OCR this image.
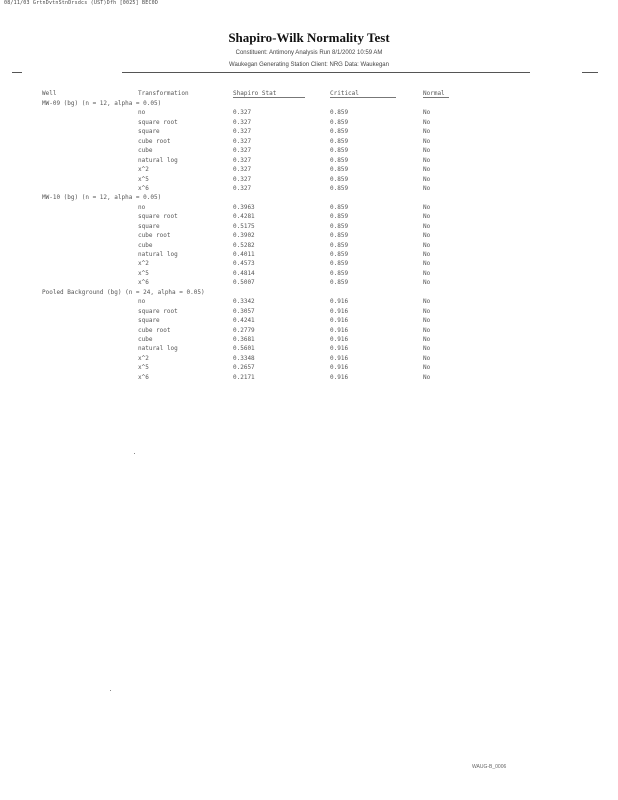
08/11/03 GrtnDvtnStnDrsdcs (UST)Dfh [0025] BEC0D
Shapiro-Wilk Normality Test
Constituent: Antimony Analysis Run 8/1/2002 10:59 AM
Waukegan Generating Station Client: NRG Data: Waukegan
Well	Transformation	Shapiro Stat	Critical	Normal
MW-09 (bg) (n = 12, alpha = 0.05)
no	0.327	0.859	No
square root	0.327	0.859	No
square	0.327	0.859	No
cube root	0.327	0.859	No
cube	0.327	0.859	No
natural log	0.327	0.859	No
x^2	0.327	0.859	No
x^5	0.327	0.859	No
x^6	0.327	0.859	No
MW-10 (bg) (n = 12, alpha = 0.05)
no	0.3963	0.859	No
square root	0.4281	0.859	No
square	0.5175	0.859	No
cube root	0.3902	0.859	No
cube	0.5282	0.859	No
natural log	0.4011	0.859	No
x^2	0.4573	0.859	No
x^5	0.4814	0.859	No
x^6	0.5007	0.859	No
Pooled Background (bg) (n = 24, alpha = 0.05)
no	0.3342	0.916	No
square root	0.3057	0.916	No
square	0.4241	0.916	No
cube root	0.2779	0.916	No
cube	0.3681	0.916	No
natural log	0.5601	0.916	No
x^2	0.3348	0.916	No
x^5	0.2657	0.916	No
x^6	0.2171	0.916	No
WAUG-B_0006
